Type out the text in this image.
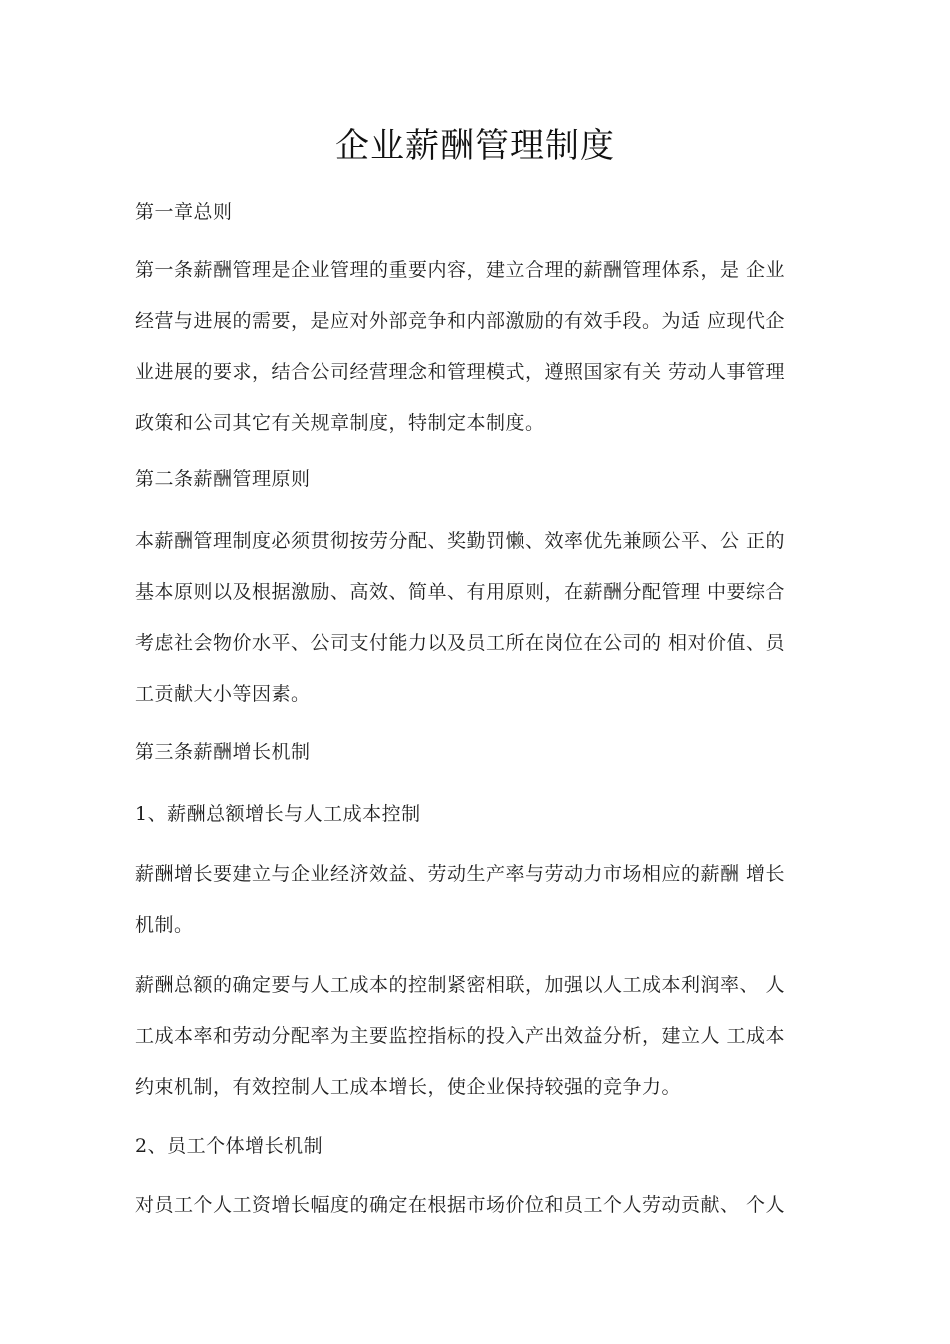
企业薪酬管理制度
第一章总则
第一条薪酬管理是企业管理的重要内容，建立合理的薪酬管理体系，是 企业
经营与进展的需要，是应对外部竞争和内部激励的有效手段。为适 应现代企
业进展的要求，结合公司经营理念和管理模式，遵照国家有关 劳动人事管理
政策和公司其它有关规章制度，特制定本制度。
第二条薪酬管理原则
本薪酬管理制度必须贯彻按劳分配、奖勤罚懒、效率优先兼顾公平、公 正的
基本原则以及根据激励、高效、简单、有用原则，在薪酬分配管理 中要综合
考虑社会物价水平、公司支付能力以及员工所在岗位在公司的 相对价值、员
工贡献大小等因素。
第三条薪酬增长机制
1、薪酬总额增长与人工成本控制
薪酬增长要建立与企业经济效益、劳动生产率与劳动力市场相应的薪酬 增长
机制。
薪酬总额的确定要与人工成本的控制紧密相联，加强以人工成本利润率、 人
工成本率和劳动分配率为主要监控指标的投入产出效益分析，建立人 工成本
约束机制，有效控制人工成本增长，使企业保持较强的竞争力。
2、员工个体增长机制
对员工个人工资增长幅度的确定在根据市场价位和员工个人劳动贡献、 个人
